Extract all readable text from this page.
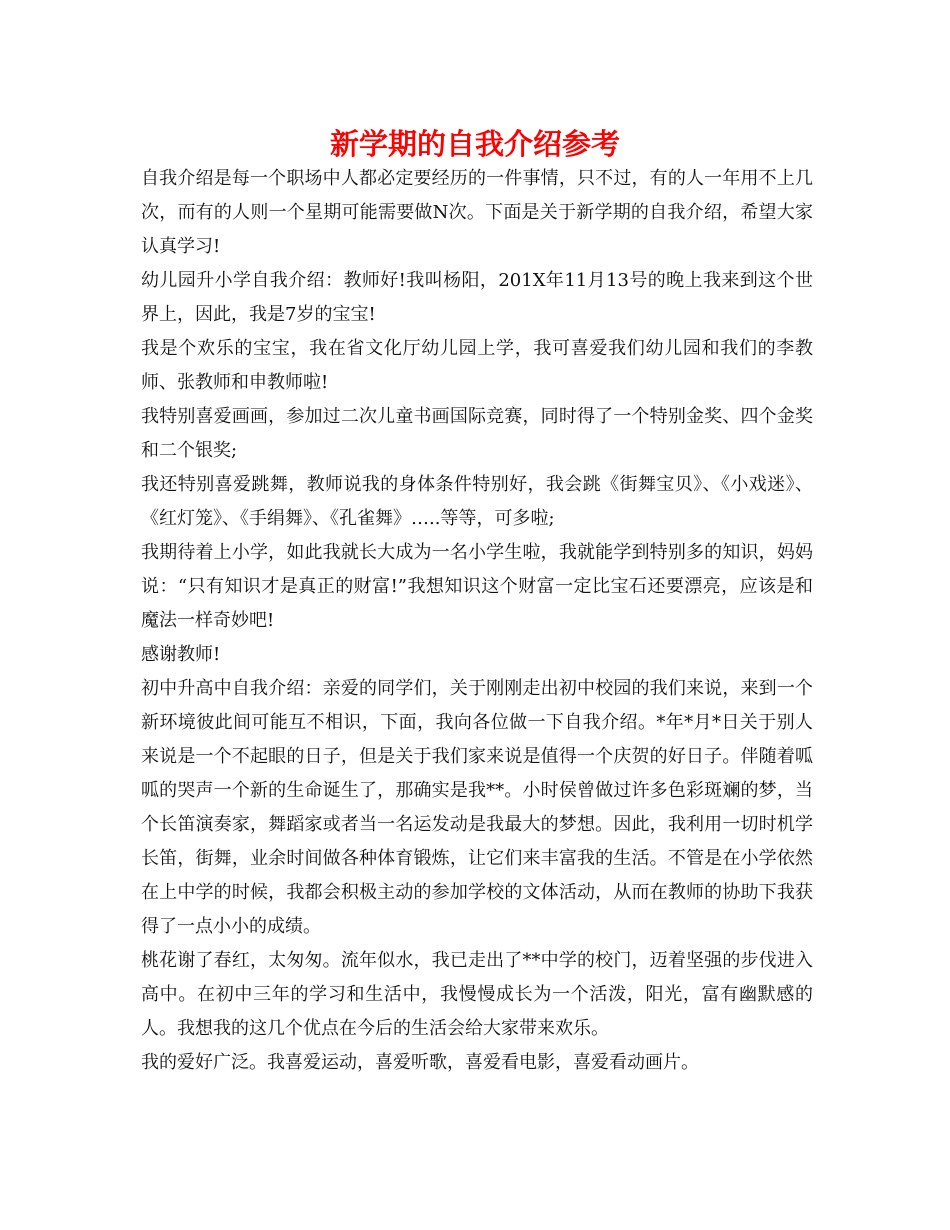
新学期的自我介绍参考

自我介绍是每一个职场中人都必定要经历的一件事情，只不过，有的人一年用不上几次，而有的人则一个星期可能需要做N次。下面是关于新学期的自我介绍，希望大家认真学习!

幼儿园升小学自我介绍：教师好!我叫杨阳，201X年11月13号的晚上我来到这个世界上，因此，我是7岁的宝宝!

我是个欢乐的宝宝，我在省文化厅幼儿园上学，我可喜爱我们幼儿园和我们的李教师、张教师和申教师啦!

我特别喜爱画画，参加过二次儿童书画国际竞赛，同时得了一个特别金奖、四个金奖和二个银奖;

我还特别喜爱跳舞，教师说我的身体条件特别好，我会跳《街舞宝贝》、《小戏迷》、《红灯笼》、《手绢舞》、《孔雀舞》…..等等，可多啦;

我期待着上小学，如此我就长大成为一名小学生啦，我就能学到特别多的知识，妈妈说：“只有知识才是真正的财富!”我想知识这个财富一定比宝石还要漂亮，应该是和魔法一样奇妙吧!

感谢教师!

初中升高中自我介绍：亲爱的同学们，关于刚刚走出初中校园的我们来说，来到一个新环境彼此间可能互不相识，下面，我向各位做一下自我介绍。*年*月*日关于别人来说是一个不起眼的日子，但是关于我们家来说是值得一个庆贺的好日子。伴随着呱呱的哭声一个新的生命诞生了，那确实是我**。小时侯曾做过许多色彩斑斓的梦，当个长笛演奏家，舞蹈家或者当一名运发动是我最大的梦想。因此，我利用一切时机学长笛，街舞，业余时间做各种体育锻炼，让它们来丰富我的生活。不管是在小学依然在上中学的时候，我都会积极主动的参加学校的文体活动，从而在教师的协助下我获得了一点小小的成绩。

桃花谢了春红，太匆匆。流年似水，我已走出了**中学的校门，迈着坚强的步伐进入高中。在初中三年的学习和生活中，我慢慢成长为一个活泼，阳光，富有幽默感的人。我想我的这几个优点在今后的生活会给大家带来欢乐。

我的爱好广泛。我喜爱运动，喜爱听歌，喜爱看电影，喜爱看动画片。
